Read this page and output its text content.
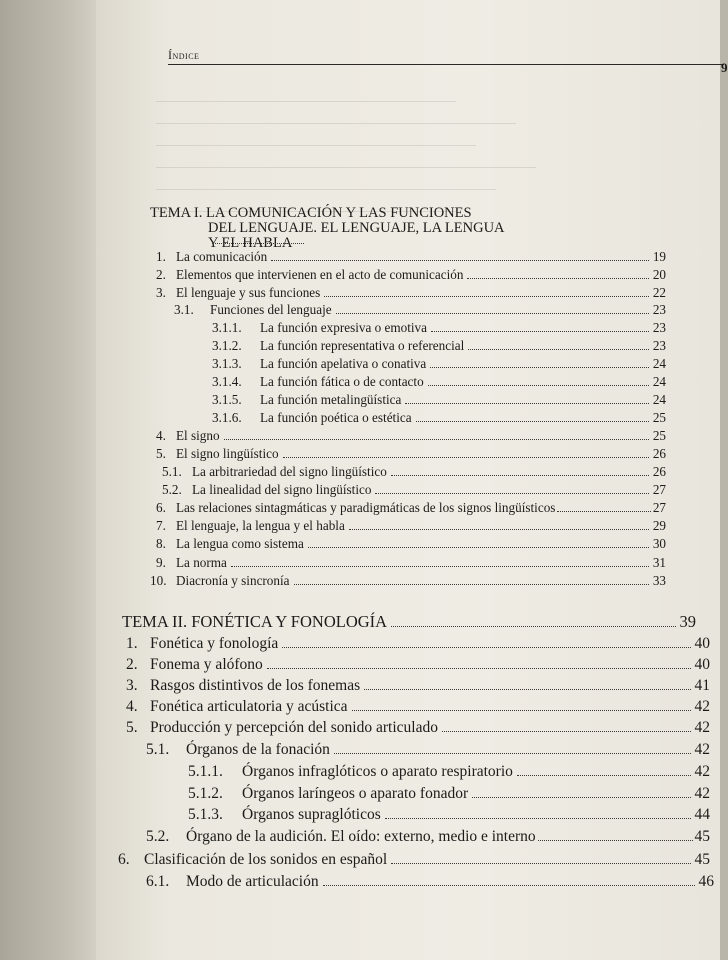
Índice
9
TEMA I. LA COMUNICACIÓN Y LAS FUNCIONES
DEL LENGUAJE. EL LENGUAJE, LA LENGUA
Y EL HABLA
1. La comunicación	19
2. Elementos que intervienen en el acto de comunicación	20
3. El lenguaje y sus funciones	22
3.1.	Funciones del lenguaje	23
3.1.1.	La función expresiva o emotiva	23
3.1.2.	La función representativa o referencial	23
3.1.3.	La función apelativa o conativa	24
3.1.4.	La función fática o de contacto	24
3.1.5.	La función metalingüística	24
3.1.6.	La función poética o estética	25
4. El signo	25
5. El signo lingüístico	26
5.1. La arbitrariedad del signo lingüístico	26
5.2. La linealidad del signo lingüístico	27
6. Las relaciones sintagmáticas y paradigmáticas de los signos lingüísticos	27
7. El lenguaje, la lengua y el habla	29
8. La lengua como sistema	30
9. La norma	31
10. Diacronía y sincronía	33
TEMA II. FONÉTICA Y FONOLOGÍA	39
1. Fonética y fonología	40
2. Fonema y alófono	40
3. Rasgos distintivos de los fonemas	41
4. Fonética articulatoria y acústica	42
5. Producción y percepción del sonido articulado	42
5.1.	Órganos de la fonación	42
5.1.1.	Órganos infraglóticos o aparato respiratorio	42
5.1.2.	Órganos laríngeos o aparato fonador	42
5.1.3.	Órganos supraglóticos	44
5.2.	Órgano de la audición. El oído: externo, medio e interno	45
6. Clasificación de los sonidos en español	45
6.1.	Modo de articulación	46
